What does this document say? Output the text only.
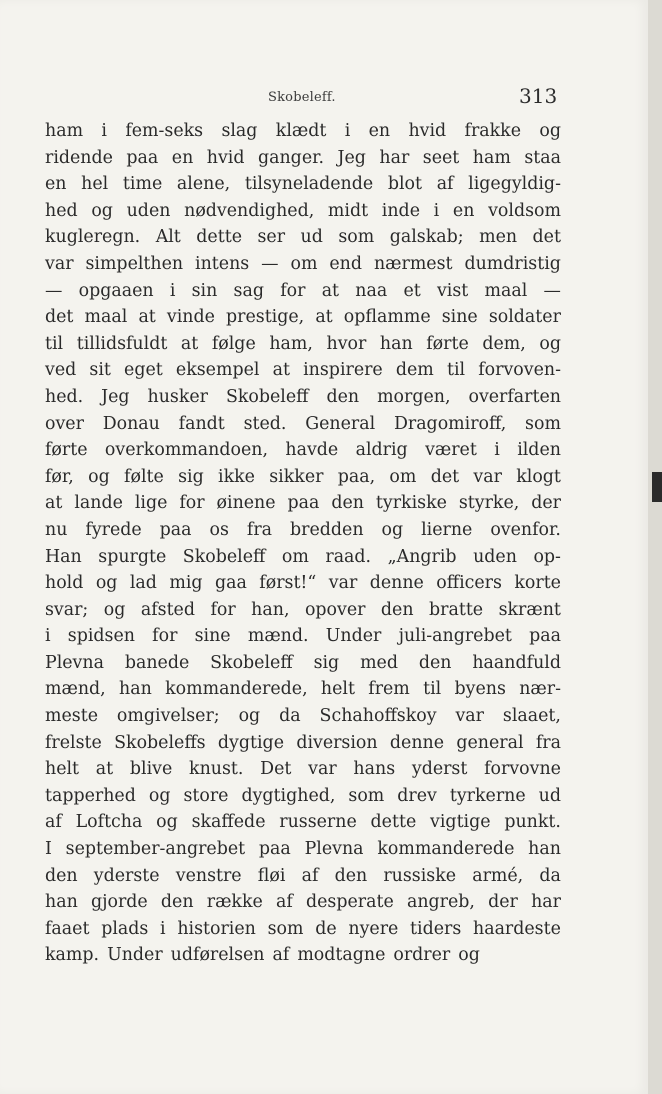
Skobeleff.	313
ham i fem-seks slag klædt i en hvid frakke og
ridende paa en hvid ganger. Jeg har seet ham staa
en hel time alene, tilsyneladende blot af ligegyldig-
hed og uden nødvendighed, midt inde i en voldsom
kugleregn. Alt dette ser ud som galskab; men det
var simpelthen intens — om end nærmest dumdristig
— opgaaen i sin sag for at naa et vist maal —
det maal at vinde prestige, at opflamme sine soldater
til tillidsfuldt at følge ham, hvor han førte dem, og
ved sit eget eksempel at inspirere dem til forvoven-
hed. Jeg husker Skobeleff den morgen, overfarten
over Donau fandt sted. General Dragomiroff, som
førte overkommandoen, havde aldrig været i ilden
før, og følte sig ikke sikker paa, om det var klogt
at lande lige for øinene paa den tyrkiske styrke, der
nu fyrede paa os fra bredden og lierne ovenfor.
Han spurgte Skobeleff om raad. „Angrib uden op-
hold og lad mig gaa først!“ var denne officers korte
svar; og afsted for han, opover den bratte skrænt
i spidsen for sine mænd. Under juli-angrebet paa
Plevna banede Skobeleff sig med den haandfuld
mænd, han kommanderede, helt frem til byens nær-
meste omgivelser; og da Schahoffskoy var slaaet,
frelste Skobeleffs dygtige diversion denne general fra
helt at blive knust. Det var hans yderst forvovne
tapperhed og store dygtighed, som drev tyrkerne ud
af Loftcha og skaffede russerne dette vigtige punkt.
I september-angrebet paa Plevna kommanderede han
den yderste venstre fløi af den russiske armé, da
han gjorde den række af desperate angreb, der har
faaet plads i historien som de nyere tiders haardeste
kamp. Under udførelsen af modtagne ordrer og
